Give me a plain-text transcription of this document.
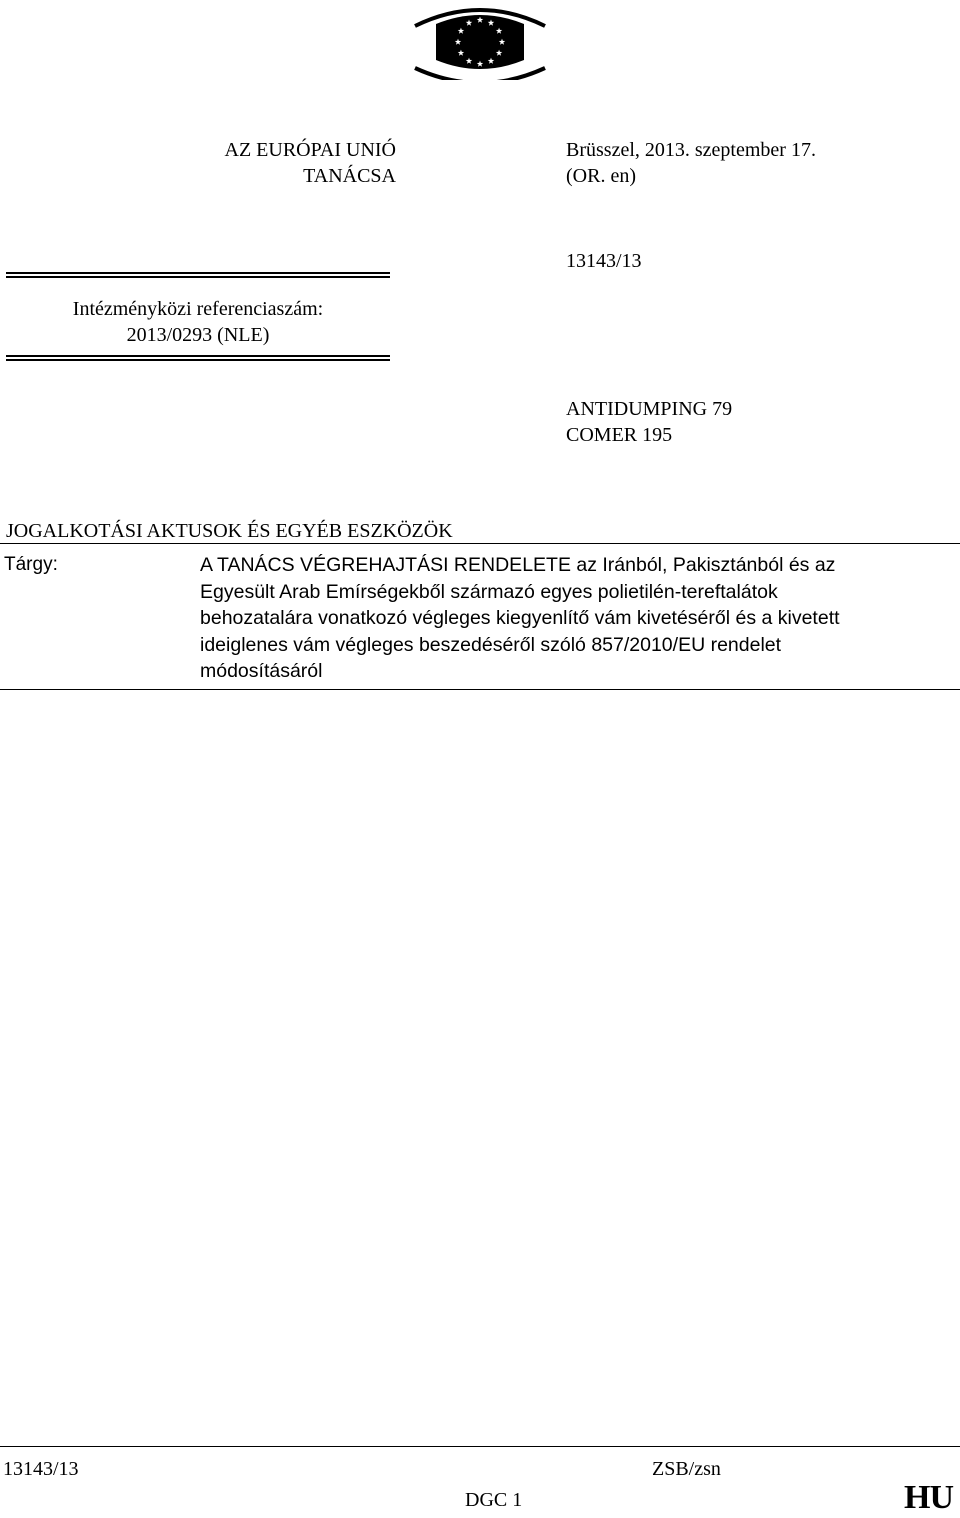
AZ EURÓPAI UNIÓ
TANÁCSA
Brüsszel, 2013. szeptember 17.
(OR. en)
13143/13
Intézményközi referenciaszám:
2013/0293 (NLE)
ANTIDUMPING 79
COMER 195
JOGALKOTÁSI AKTUSOK ÉS EGYÉB ESZKÖZÖK
Tárgy:	A TANÁCS VÉGREHAJTÁSI RENDELETE az Iránból, Pakisztánból és az
Egyesült Arab Emírségekből származó egyes polietilén-tereftalátok
behozatalára vonatkozó végleges kiegyenlítő vám kivetéséről és a kivetett
ideiglenes vám végleges beszedéséről szóló 857/2010/EU rendelet
módosításáról
13143/13	ZSB/zsn
DGC 1	HU
